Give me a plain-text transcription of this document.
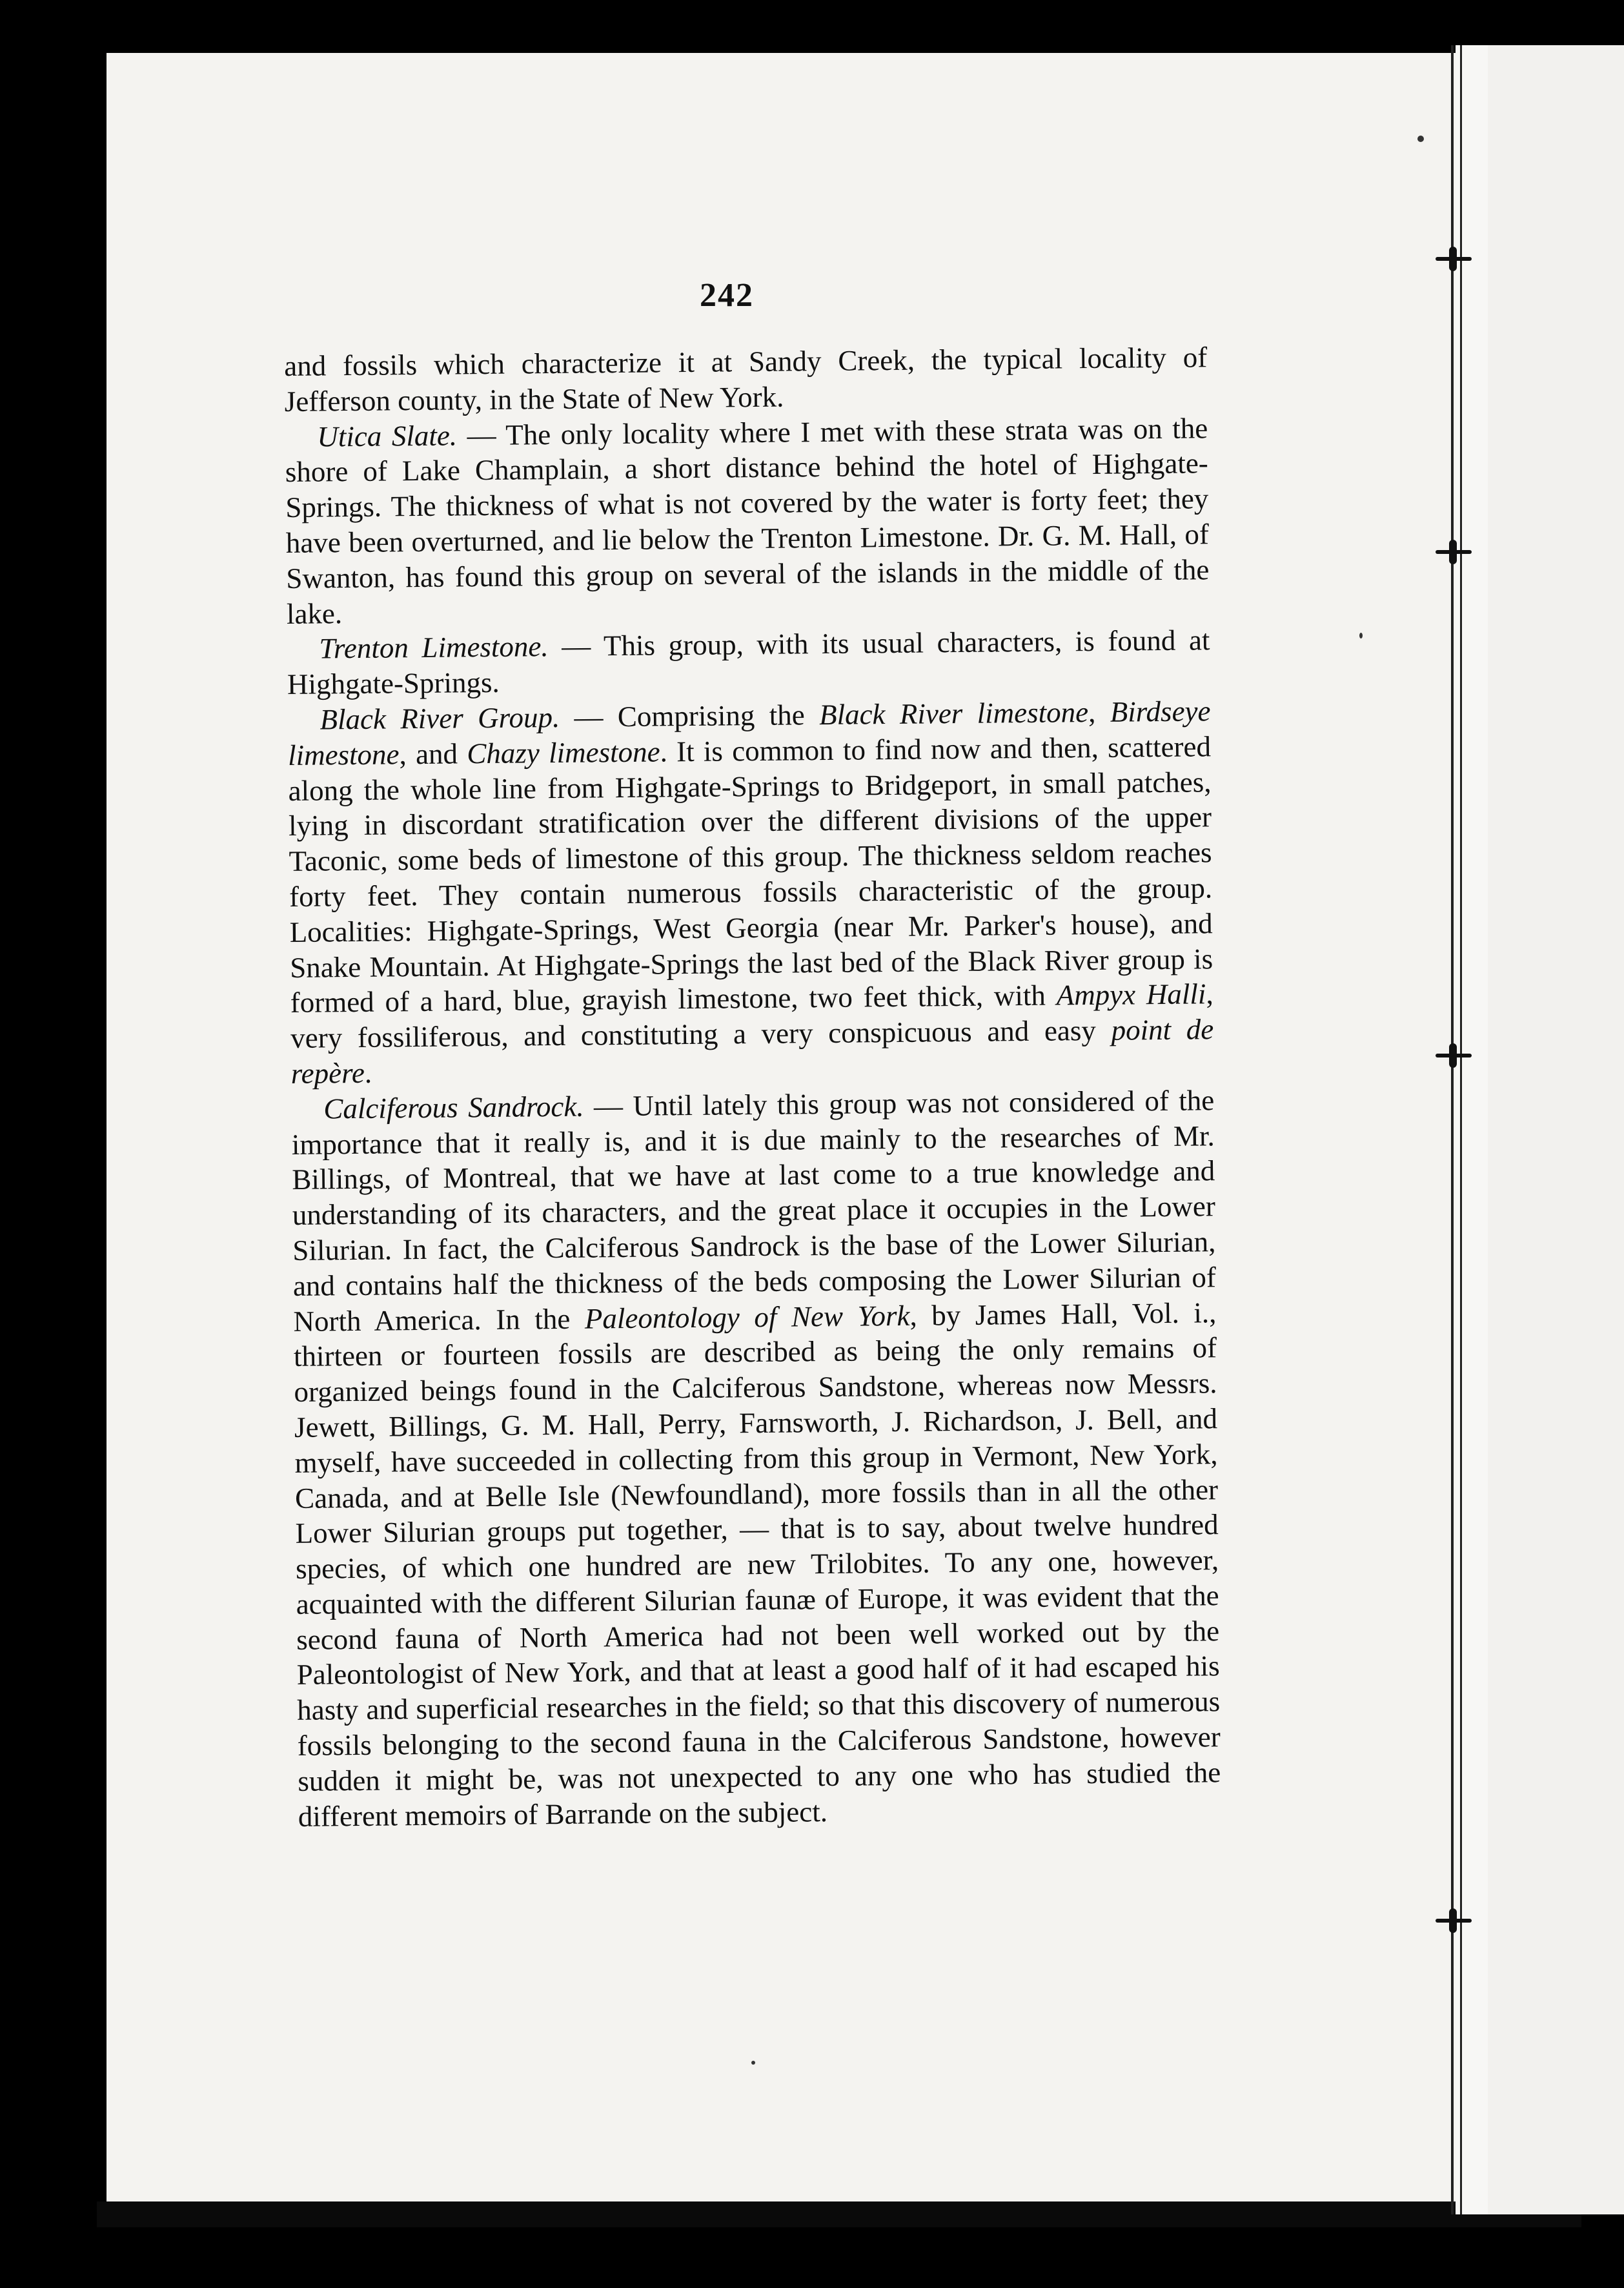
242

and fossils which characterize it at Sandy Creek, the typical locality of Jefferson county, in the State of New York.

Utica Slate. — The only locality where I met with these strata was on the shore of Lake Champlain, a short distance behind the hotel of Highgate-Springs. The thickness of what is not covered by the water is forty feet; they have been overturned, and lie below the Trenton Limestone. Dr. G. M. Hall, of Swanton, has found this group on several of the islands in the middle of the lake.

Trenton Limestone. — This group, with its usual characters, is found at Highgate-Springs.

Black River Group. — Comprising the Black River limestone, Birdseye limestone, and Chazy limestone. It is common to find now and then, scattered along the whole line from Highgate-Springs to Bridgeport, in small patches, lying in discordant stratification over the different divisions of the upper Taconic, some beds of limestone of this group. The thickness seldom reaches forty feet. They contain numerous fossils characteristic of the group. Localities: Highgate-Springs, West Georgia (near Mr. Parker's house), and Snake Mountain. At Highgate-Springs the last bed of the Black River group is formed of a hard, blue, grayish limestone, two feet thick, with Ampyx Halli, very fossiliferous, and constituting a very conspicuous and easy point de repère.

Calciferous Sandrock. — Until lately this group was not considered of the importance that it really is, and it is due mainly to the researches of Mr. Billings, of Montreal, that we have at last come to a true knowledge and understanding of its characters, and the great place it occupies in the Lower Silurian. In fact, the Calciferous Sandrock is the base of the Lower Silurian, and contains half the thickness of the beds composing the Lower Silurian of North America. In the Paleontology of New York, by James Hall, Vol. i., thirteen or fourteen fossils are described as being the only remains of organized beings found in the Calciferous Sandstone, whereas now Messrs. Jewett, Billings, G. M. Hall, Perry, Farnsworth, J. Richardson, J. Bell, and myself, have succeeded in collecting from this group in Vermont, New York, Canada, and at Belle Isle (Newfoundland), more fossils than in all the other Lower Silurian groups put together, — that is to say, about twelve hundred species, of which one hundred are new Trilobites. To any one, however, acquainted with the different Silurian faunæ of Europe, it was evident that the second fauna of North America had not been well worked out by the Paleontologist of New York, and that at least a good half of it had escaped his hasty and superficial researches in the field; so that this discovery of numerous fossils belonging to the second fauna in the Calciferous Sandstone, however sudden it might be, was not unexpected to any one who has studied the different memoirs of Barrande on the subject.
